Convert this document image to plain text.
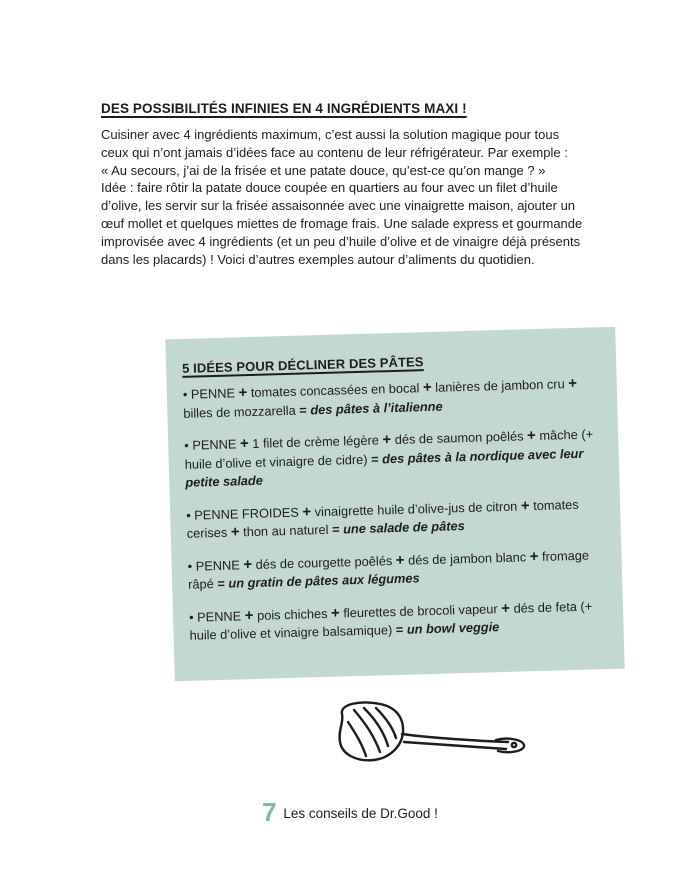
DES POSSIBILITÉS INFINIES EN 4 INGRÉDIENTS MAXI !

Cuisiner avec 4 ingrédients maximum, c’est aussi la solution magique pour tous

ceux qui n’ont jamais d’idées face au contenu de leur réfrigérateur. Par exemple :

« Au secours, j’ai de la frisée et une patate douce, qu’est-ce qu’on mange ? »

Idée : faire rôtir la patate douce coupée en quartiers au four avec un filet d’huile

d’olive, les servir sur la frisée assaisonnée avec une vinaigrette maison, ajouter un

œuf mollet et quelques miettes de fromage frais. Une salade express et gourmande

improvisée avec 4 ingrédients (et un peu d’huile d’olive et de vinaigre déjà présents

dans les placards) ! Voici d’autres exemples autour d’aliments du quotidien.

5 IDÉES POUR DÉCLINER DES PÂTES

• PENNE + tomates concassées en bocal + lanières de jambon cru + billes de mozzarella = des pâtes à l’italienne

• PENNE + 1 filet de crème légère + dés de saumon poêlés + mâche (+ huile d’olive et vinaigre de cidre) = des pâtes à la nordique avec leur petite salade

• PENNE FROIDES + vinaigrette huile d’olive-jus de citron + tomates cerises + thon au naturel = une salade de pâtes

• PENNE + dés de courgette poêlés + dés de jambon blanc + fromage râpé = un gratin de pâtes aux légumes

• PENNE + pois chiches + fleurettes de brocoli vapeur + dés de feta (+ huile d’olive et vinaigre balsamique) = un bowl veggie

7 Les conseils de Dr.Good !
